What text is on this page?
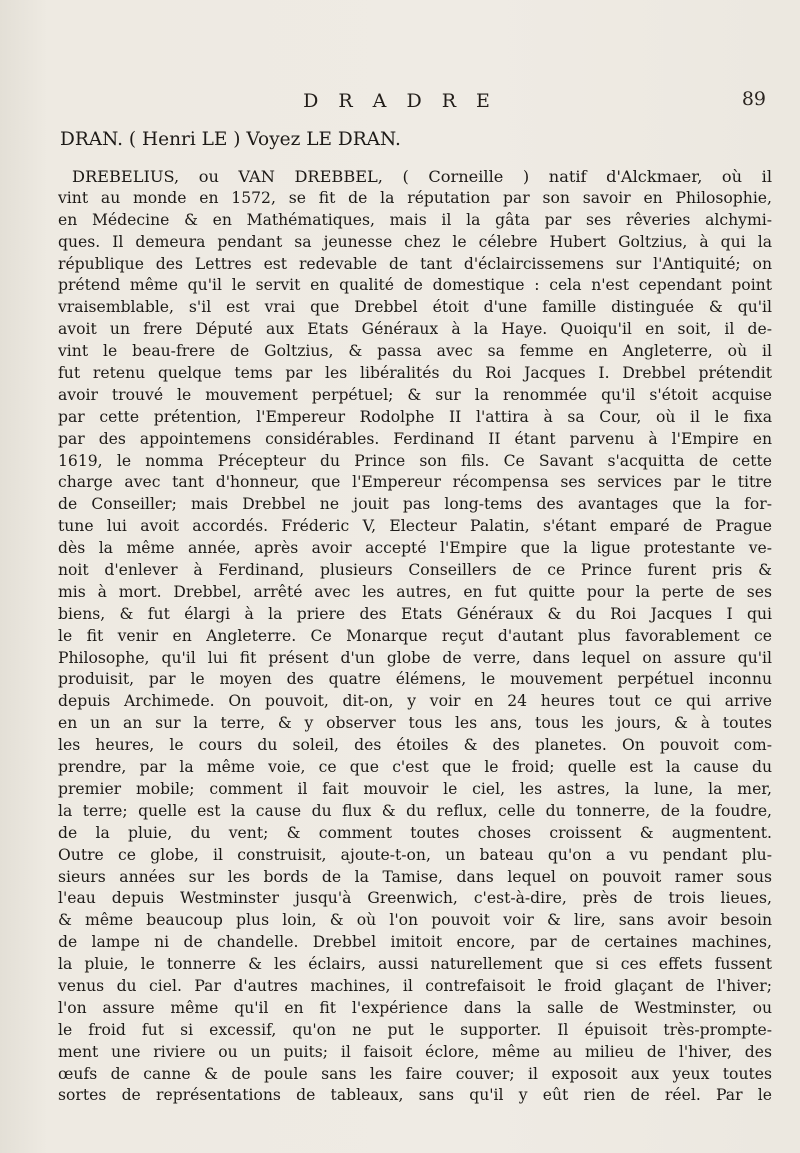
D R A D R E	89

DRAN. ( Henri LE ) Voyez LE DRAN.

DREBELIUS, ou VAN DREBBEL, ( Corneille ) natif d'Alckmaer, où il
vint au monde en 1572, se fit de la réputation par son savoir en Philosophie,
en Médecine & en Mathématiques, mais il la gâta par ses rêveries alchymi-
ques. Il demeura pendant sa jeunesse chez le célebre Hubert Goltzius, à qui la
république des Lettres est redevable de tant d'éclaircissemens sur l'Antiquité; on
prétend même qu'il le servit en qualité de domestique : cela n'est cependant point
vraisemblable, s'il est vrai que Drebbel étoit d'une famille distinguée & qu'il
avoit un frere Député aux Etats Généraux à la Haye. Quoiqu'il en soit, il de-
vint le beau-frere de Goltzius, & passa avec sa femme en Angleterre, où il
fut retenu quelque tems par les libéralités du Roi Jacques I. Drebbel prétendit
avoir trouvé le mouvement perpétuel; & sur la renommée qu'il s'étoit acquise
par cette prétention, l'Empereur Rodolphe II l'attira à sa Cour, où il le fixa
par des appointemens considérables. Ferdinand II étant parvenu à l'Empire en
1619, le nomma Précepteur du Prince son fils. Ce Savant s'acquitta de cette
charge avec tant d'honneur, que l'Empereur récompensa ses services par le titre
de Conseiller; mais Drebbel ne jouit pas long-tems des avantages que la for-
tune lui avoit accordés. Fréderic V, Electeur Palatin, s'étant emparé de Prague
dès la même année, après avoir accepté l'Empire que la ligue protestante ve-
noit d'enlever à Ferdinand, plusieurs Conseillers de ce Prince furent pris &
mis à mort. Drebbel, arrêté avec les autres, en fut quitte pour la perte de ses
biens, & fut élargi à la priere des Etats Généraux & du Roi Jacques I qui
le fit venir en Angleterre. Ce Monarque reçut d'autant plus favorablement ce
Philosophe, qu'il lui fit présent d'un globe de verre, dans lequel on assure qu'il
produisit, par le moyen des quatre élémens, le mouvement perpétuel inconnu
depuis Archimede. On pouvoit, dit-on, y voir en 24 heures tout ce qui arrive
en un an sur la terre, & y observer tous les ans, tous les jours, & à toutes
les heures, le cours du soleil, des étoiles & des planetes. On pouvoit com-
prendre, par la même voie, ce que c'est que le froid; quelle est la cause du
premier mobile; comment il fait mouvoir le ciel, les astres, la lune, la mer,
la terre; quelle est la cause du flux & du reflux, celle du tonnerre, de la foudre,
de la pluie, du vent; & comment toutes choses croissent & augmentent.
Outre ce globe, il construisit, ajoute-t-on, un bateau qu'on a vu pendant plu-
sieurs années sur les bords de la Tamise, dans lequel on pouvoit ramer sous
l'eau depuis Westminster jusqu'à Greenwich, c'est-à-dire, près de trois lieues,
& même beaucoup plus loin, & où l'on pouvoit voir & lire, sans avoir besoin
de lampe ni de chandelle. Drebbel imitoit encore, par de certaines machines,
la pluie, le tonnerre & les éclairs, aussi naturellement que si ces effets fussent
venus du ciel. Par d'autres machines, il contrefaisoit le froid glaçant de l'hiver;
l'on assure même qu'il en fit l'expérience dans la salle de Westminster, ou
le froid fut si excessif, qu'on ne put le supporter. Il épuisoit très-prompte-
ment une riviere ou un puits; il faisoit éclore, même au milieu de l'hiver, des
œufs de canne & de poule sans les faire couver; il exposoit aux yeux toutes
sortes de représentations de tableaux, sans qu'il y eût rien de réel. Par le
